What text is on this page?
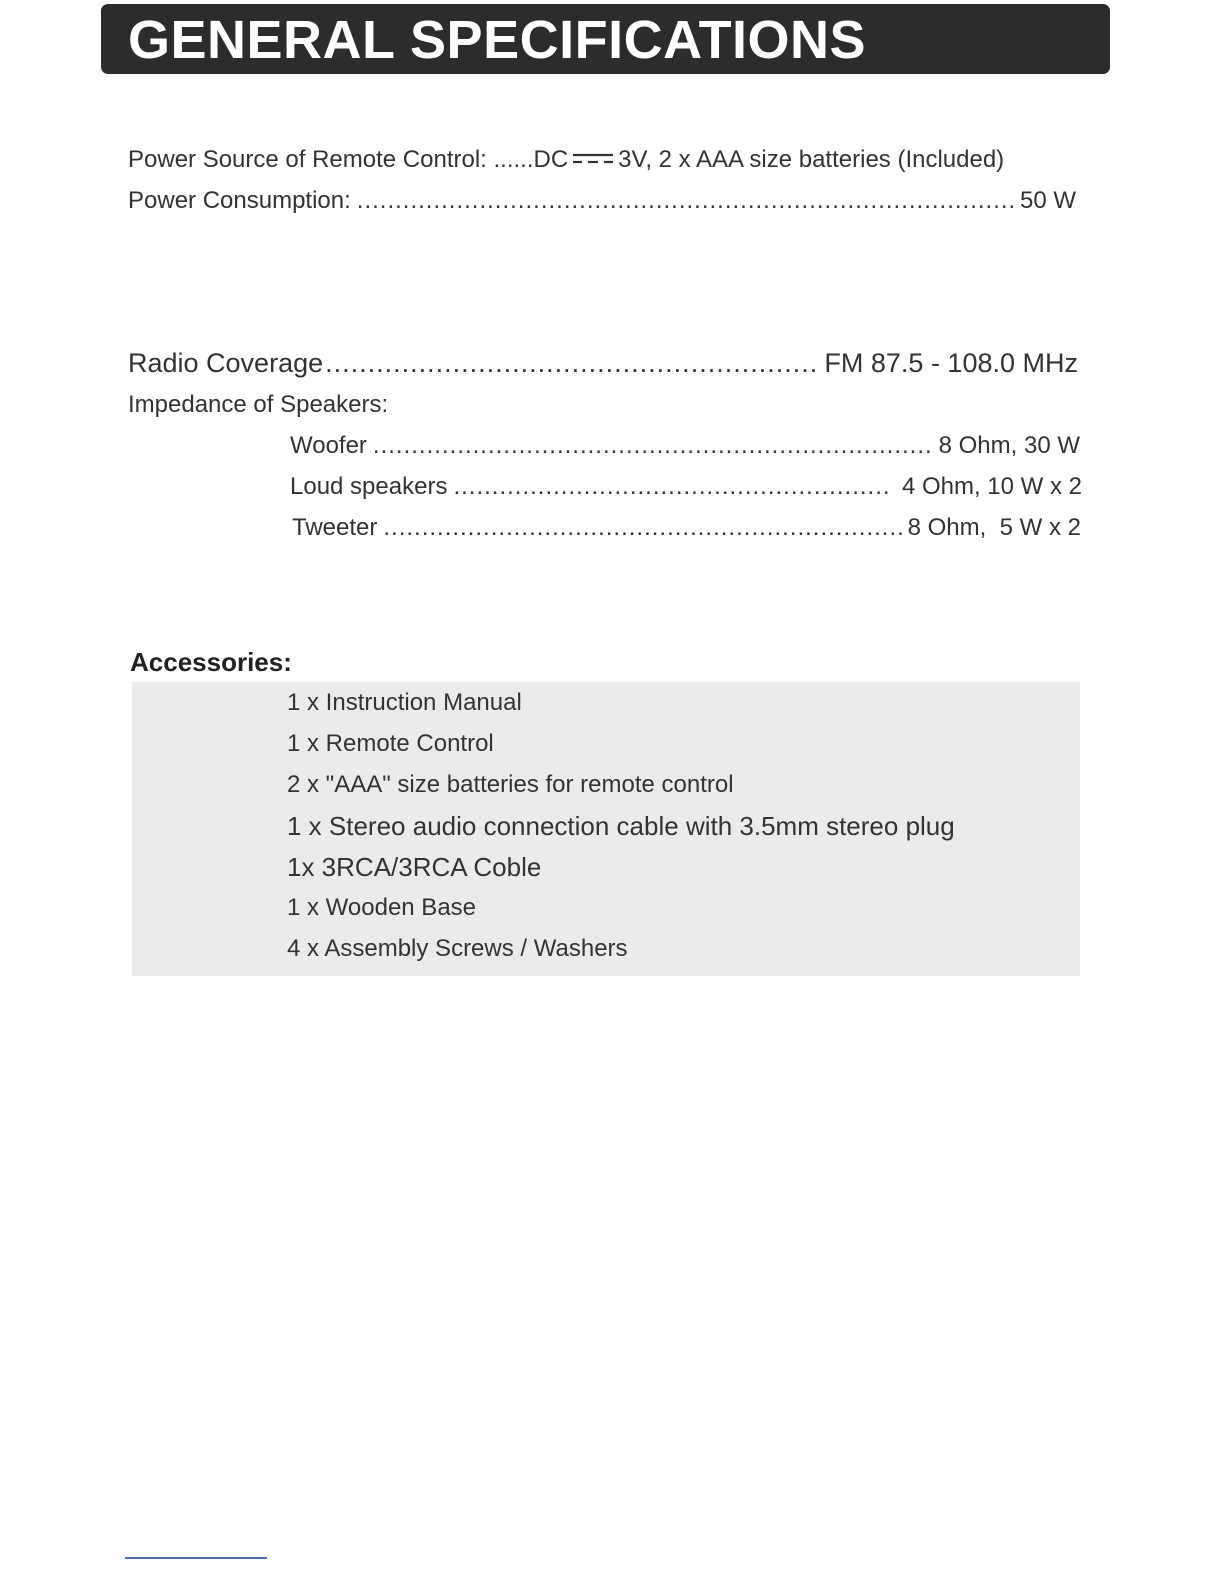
GENERAL SPECIFICATIONS
Power Source of Remote Control: ......DC 3V, 2 x AAA size batteries (Included)
Power Consumption: .....	50 W
Radio Coverage .....	FM 87.5 - 108.0 MHz
Impedance of Speakers:
Woofer .....	8 Ohm, 30 W
Loud speakers .....	4 Ohm, 10 W x 2
Tweeter .....	8 Ohm,  5 W x 2
Accessories:
1 x Instruction Manual
1 x Remote Control
2 x "AAA" size batteries for remote control
1 x Stereo audio connection cable with 3.5mm stereo plug
1x 3RCA/3RCA Coble
1 x Wooden Base
4 x Assembly Screws / Washers
